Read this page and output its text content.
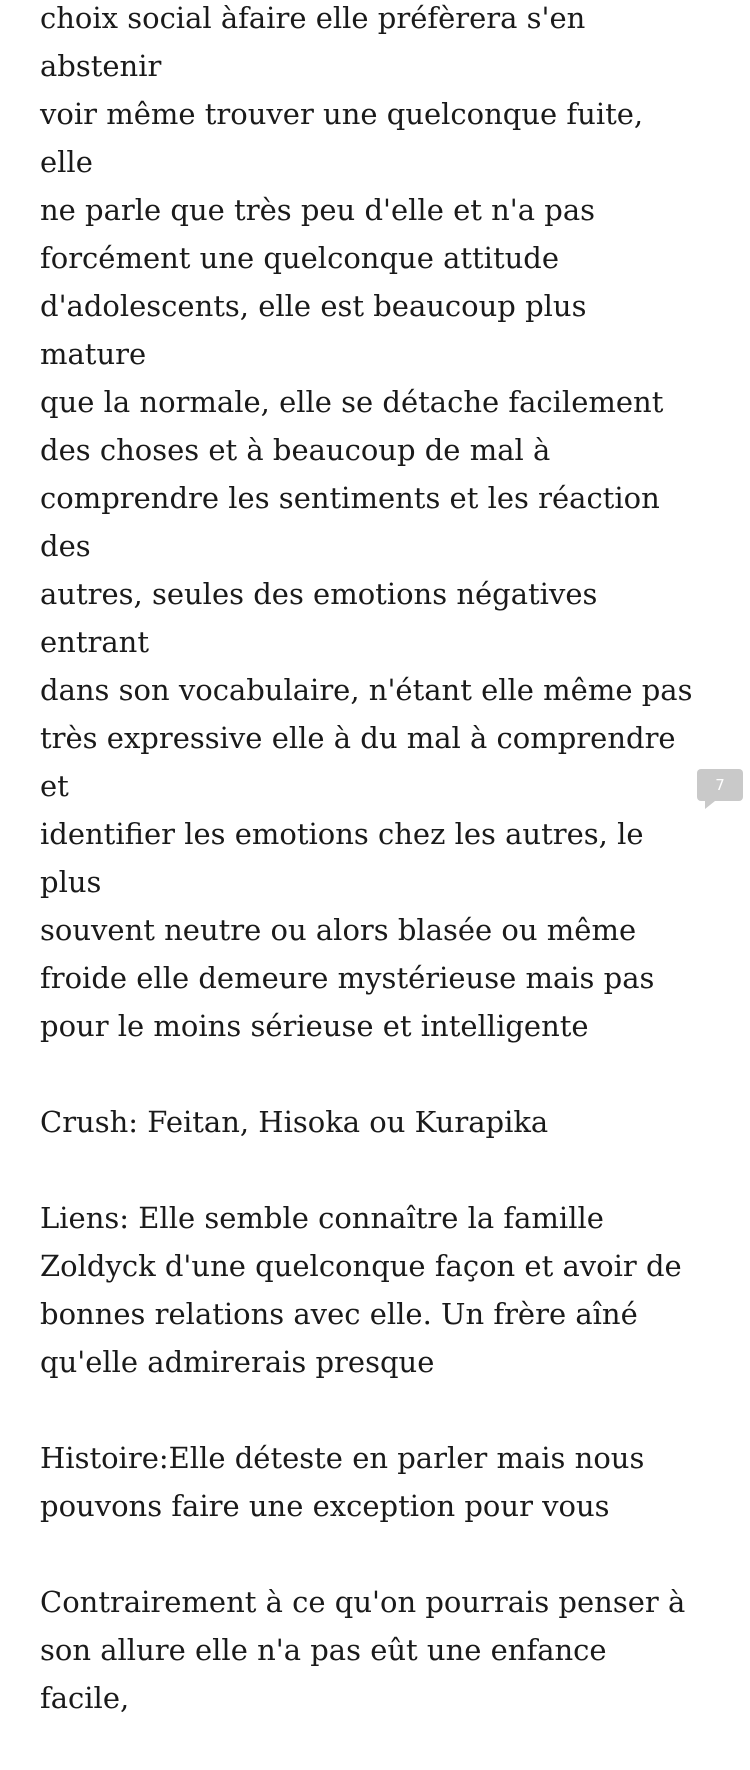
choix social àfaire elle préfèrera s'en abstenir
voir même trouver une quelconque fuite, elle
ne parle que très peu d'elle et n'a pas
forcément une quelconque attitude
d'adolescents, elle est beaucoup plus mature
que la normale, elle se détache facilement
des choses et à beaucoup de mal à
comprendre les sentiments et les réaction des
autres, seules des emotions négatives entrant
dans son vocabulaire, n'étant elle même pas
très expressive elle à du mal à comprendre et
identifier les emotions chez les autres, le plus
souvent neutre ou alors blasée ou même
froide elle demeure mystérieuse mais pas
pour le moins sérieuse et intelligente

Crush: Feitan, Hisoka ou Kurapika

Liens: Elle semble connaître la famille
Zoldyck d'une quelconque façon et avoir de
bonnes relations avec elle. Un frère aîné
qu'elle admirerais presque

Histoire:Elle déteste en parler mais nous
pouvons faire une exception pour vous

Contrairement à ce qu'on pourrais penser à
son allure elle n'a pas eût une enfance facile,

7
